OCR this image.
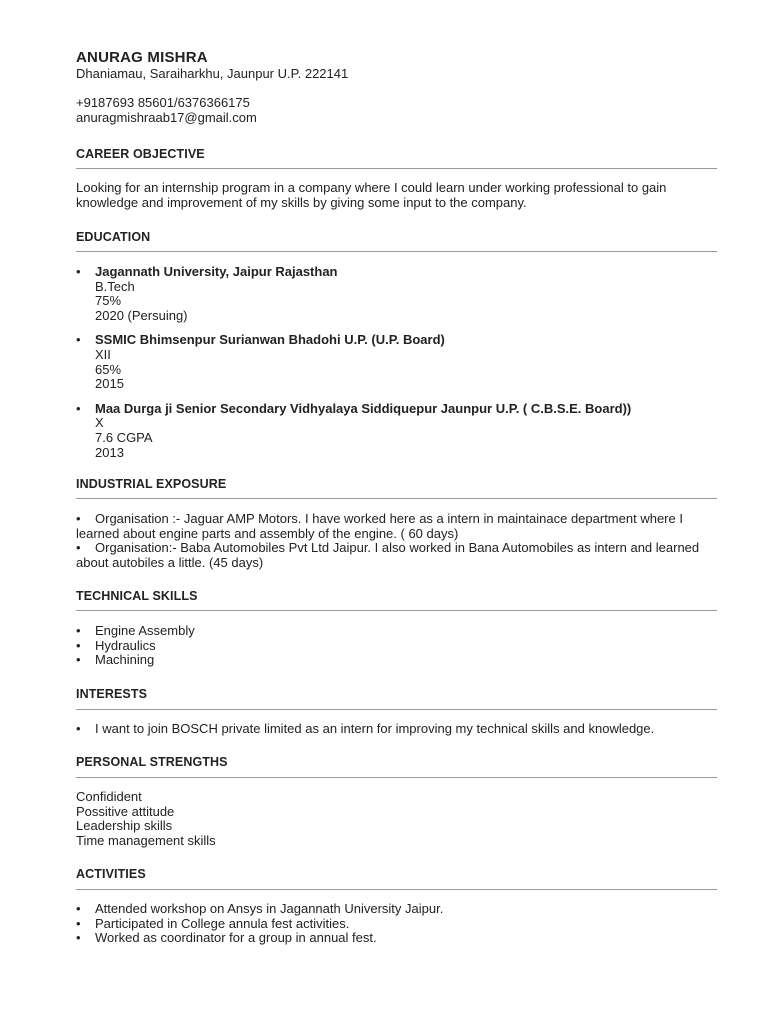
ANURAG MISHRA
Dhaniamau, Saraiharkhu, Jaunpur U.P. 222141
+9187693 85601/6376366175
anuragmishraab17@gmail.com
CAREER OBJECTIVE
Looking for an internship program in a company where I could learn under working professional to gain knowledge and improvement of my skills by giving some input to the company.
EDUCATION
• Jagannath University, Jaipur Rajasthan
B.Tech
75%
2020 (Persuing)
• SSMIC Bhimsenpur Surianwan Bhadohi U.P. (U.P. Board)
XII
65%
2015
• Maa Durga ji Senior Secondary Vidhyalaya Siddiquepur Jaunpur U.P. ( C.B.S.E. Board))
X
7.6 CGPA
2013
INDUSTRIAL EXPOSURE
• Organisation :- Jaguar AMP Motors. I have worked here as a intern in maintainace department where I learned about engine parts and assembly of the engine. ( 60 days)
• Organisation:- Baba Automobiles Pvt Ltd Jaipur. I also worked in Bana Automobiles as intern and learned about autobiles a little. (45 days)
TECHNICAL SKILLS
• Engine Assembly
• Hydraulics
• Machining
INTERESTS
• I want to join BOSCH private limited as an intern for improving my technical skills and knowledge.
PERSONAL STRENGTHS
Confidident
Possitive attitude
Leadership skills
Time management skills
ACTIVITIES
• Attended workshop on Ansys in Jagannath University Jaipur.
• Participated in College annula fest activities.
• Worked as coordinator for a group in annual fest.
